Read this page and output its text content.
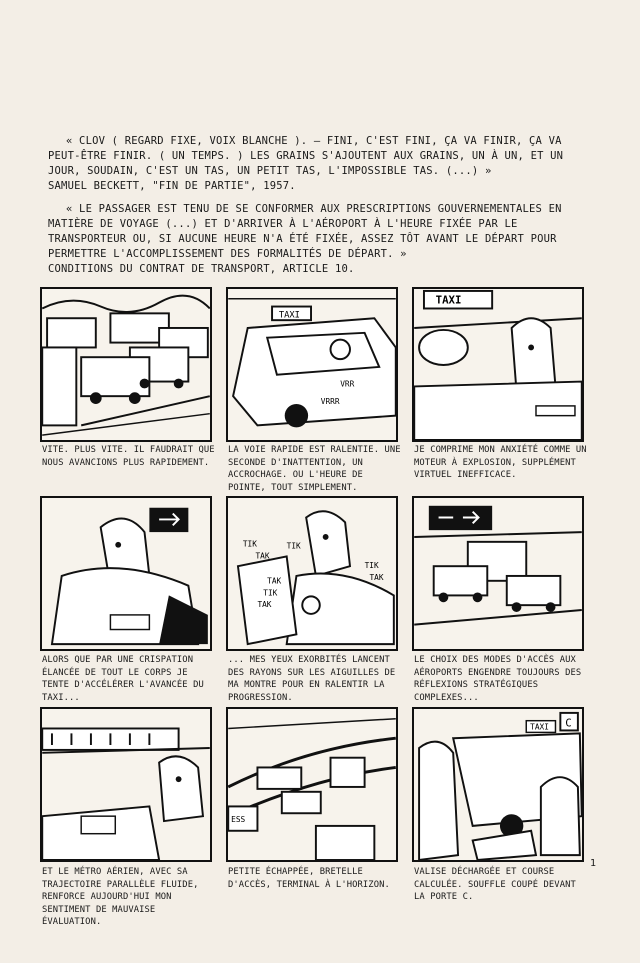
« CLOV ( REGARD FIXE, VOIX BLANCHE ). – FINI, C'EST FINI, ÇA VA FINIR, ÇA VA PEUT-ÊTRE FINIR. ( UN TEMPS. ) LES GRAINS S'AJOUTENT AUX GRAINS, UN À UN, ET UN JOUR, SOUDAIN, C'EST UN TAS, UN PETIT TAS, L'IMPOSSIBLE TAS. (...) »
SAMUEL BECKETT, "FIN DE PARTIE", 1957.

« LE PASSAGER EST TENU DE SE CONFORMER AUX PRESCRIPTIONS GOUVERNEMENTALES EN MATIÈRE DE VOYAGE (...) ET D'ARRIVER À L'AÉROPORT À L'HEURE FIXÉE PAR LE TRANSPORTEUR OU, SI AUCUNE HEURE N'A ÉTÉ FIXÉE, ASSEZ TÔT AVANT LE DÉPART POUR PERMETTRE L'ACCOMPLISSEMENT DES FORMALITÉS DE DÉPART. »
CONDITIONS DU CONTRAT DE TRANSPORT, ARTICLE 10.

VITE. PLUS VITE. IL FAUDRAIT QUE NOUS AVANCIONS PLUS RAPIDEMENT.
TAXI
VRR
VRRR
LA VOIE RAPIDE EST RALENTIE. UNE SECONDE D'INATTENTION, UN ACCROCHAGE. OU L'HEURE DE POINTE, TOUT SIMPLEMENT.
TAXI
JE COMPRIME MON ANXIÉTÉ COMME UN MOTEUR À EXPLOSION, SUPPLÉMENT VIRTUEL INEFFICACE.
ALORS QUE PAR UNE CRISPATION ÉLANCÉE DE TOUT LE CORPS JE TENTE D'ACCÉLÉRER L'AVANCÉE DU TAXI...
TIK
TAK
TIK
TAK
TIK
TAK
TIK
TAK
... MES YEUX EXORBITÉS LANCENT DES RAYONS SUR LES AIGUILLES DE MA MONTRE POUR EN RALENTIR LA PROGRESSION.
LE CHOIX DES MODES D'ACCÈS AUX AÉROPORTS ENGENDRE TOUJOURS DES RÉFLEXIONS STRATÉGIQUES COMPLEXES...
ET LE MÉTRO AÉRIEN, AVEC SA TRAJECTOIRE PARALLÈLE FLUIDE, RENFORCE AUJOURD'HUI MON SENTIMENT DE MAUVAISE ÉVALUATION.
ESS
PETITE ÉCHAPPÉE, BRETELLE D'ACCÈS, TERMINAL À L'HORIZON.
C
TAXI
VALISE DÉCHARGÉE ET COURSE CALCULÉE. SOUFFLE COUPÉ DEVANT LA PORTE C.
1
